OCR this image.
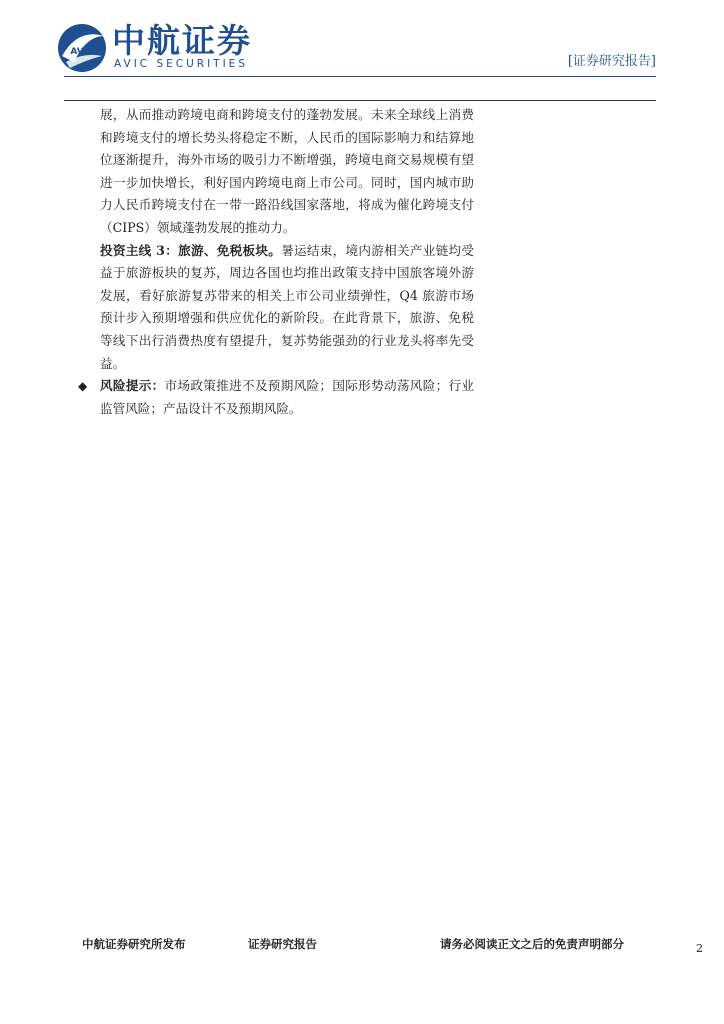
AVIC 中航证券
AVIC SECURITIES	[证券研究报告]

展，从而推动跨境电商和跨境支付的蓬勃发展。未来全球线上消费和跨境支付的增长势头将稳定不断，人民币的国际影响力和结算地位逐渐提升，海外市场的吸引力不断增强，跨境电商交易规模有望进一步加快增长，利好国内跨境电商上市公司。同时，国内城市助力人民币跨境支付在一带一路沿线国家落地，将成为催化跨境支付（CIPS）领域蓬勃发展的推动力。

投资主线 3：旅游、免税板块。暑运结束，境内游相关产业链均受益于旅游板块的复苏，周边各国也均推出政策支持中国旅客境外游发展，看好旅游复苏带来的相关上市公司业绩弹性，Q4 旅游市场预计步入预期增强和供应优化的新阶段。在此背景下，旅游、免税等线下出行消费热度有望提升，复苏势能强劲的行业龙头将率先受益。

◆ 风险提示：市场政策推进不及预期风险；国际形势动荡风险；行业监管风险；产品设计不及预期风险。

中航证券研究所发布	证券研究报告	请务必阅读正文之后的免责声明部分	2
